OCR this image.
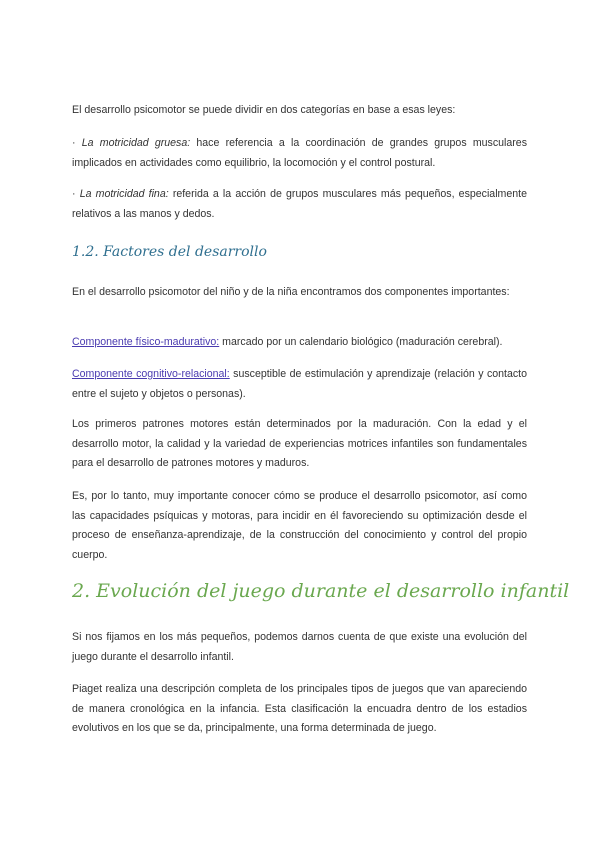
El desarrollo psicomotor se puede dividir en dos categorías en base a esas leyes:

· La motricidad gruesa: hace referencia a la coordinación de grandes grupos musculares implicados en actividades como equilibrio, la locomoción y el control postural.

· La motricidad fina: referida a la acción de grupos musculares más pequeños, especialmente relativos a las manos y dedos.

1.2. Factores del desarrollo

En el desarrollo psicomotor del niño y de la niña encontramos dos componentes importantes:

Componente físico-madurativo: marcado por un calendario biológico (maduración cerebral).

Componente cognitivo-relacional: susceptible de estimulación y aprendizaje (relación y contacto entre el sujeto y objetos o personas).

Los primeros patrones motores están determinados por la maduración. Con la edad y el desarrollo motor, la calidad y la variedad de experiencias motrices infantiles son fundamentales para el desarrollo de patrones motores y maduros.

Es, por lo tanto, muy importante conocer cómo se produce el desarrollo psicomotor, así como las capacidades psíquicas y motoras, para incidir en él favoreciendo su optimización desde el proceso de enseñanza-aprendizaje, de la construcción del conocimiento y control del propio cuerpo.

2. Evolución del juego durante el desarrollo infantil

Si nos fijamos en los más pequeños, podemos darnos cuenta de que existe una evolución del juego durante el desarrollo infantil.

Piaget realiza una descripción completa de los principales tipos de juegos que van apareciendo de manera cronológica en la infancia. Esta clasificación la encuadra dentro de los estadios evolutivos en los que se da, principalmente, una forma determinada de juego.
